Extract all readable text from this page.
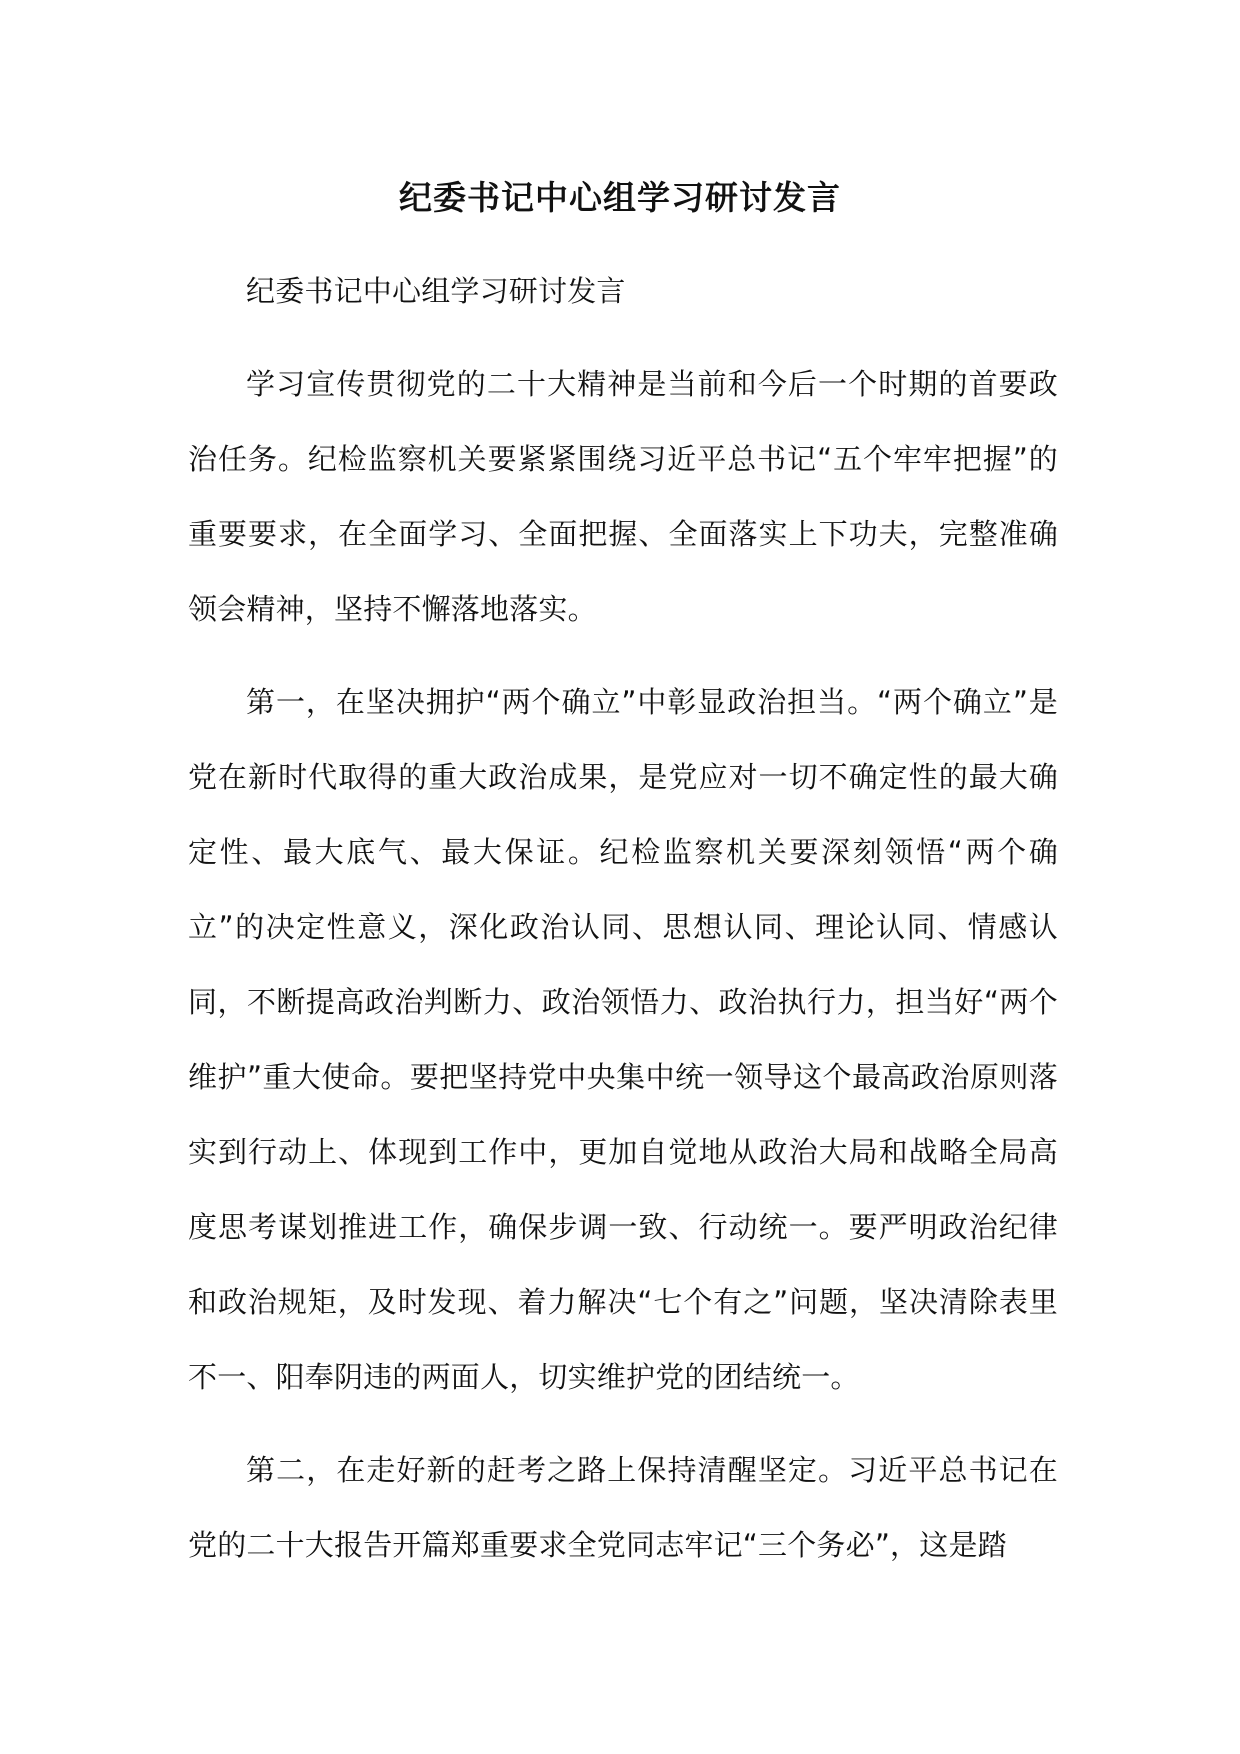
纪委书记中心组学习研讨发言

纪委书记中心组学习研讨发言

学习宣传贯彻党的二十大精神是当前和今后一个时期的首要政治任务。纪检监察机关要紧紧围绕习近平总书记“五个牢牢把握”的重要要求，在全面学习、全面把握、全面落实上下功夫，完整准确领会精神，坚持不懈落地落实。

第一，在坚决拥护“两个确立”中彰显政治担当。“两个确立”是党在新时代取得的重大政治成果，是党应对一切不确定性的最大确定性、最大底气、最大保证。纪检监察机关要深刻领悟“两个确立”的决定性意义，深化政治认同、思想认同、理论认同、情感认同，不断提高政治判断力、政治领悟力、政治执行力，担当好“两个维护”重大使命。要把坚持党中央集中统一领导这个最高政治原则落实到行动上、体现到工作中，更加自觉地从政治大局和战略全局高度思考谋划推进工作，确保步调一致、行动统一。要严明政治纪律和政治规矩，及时发现、着力解决“七个有之”问题，坚决清除表里不一、阳奉阴违的两面人，切实维护党的团结统一。

第二，在走好新的赶考之路上保持清醒坚定。习近平总书记在党的二十大报告开篇郑重要求全党同志牢记“三个务必”，这是踏
